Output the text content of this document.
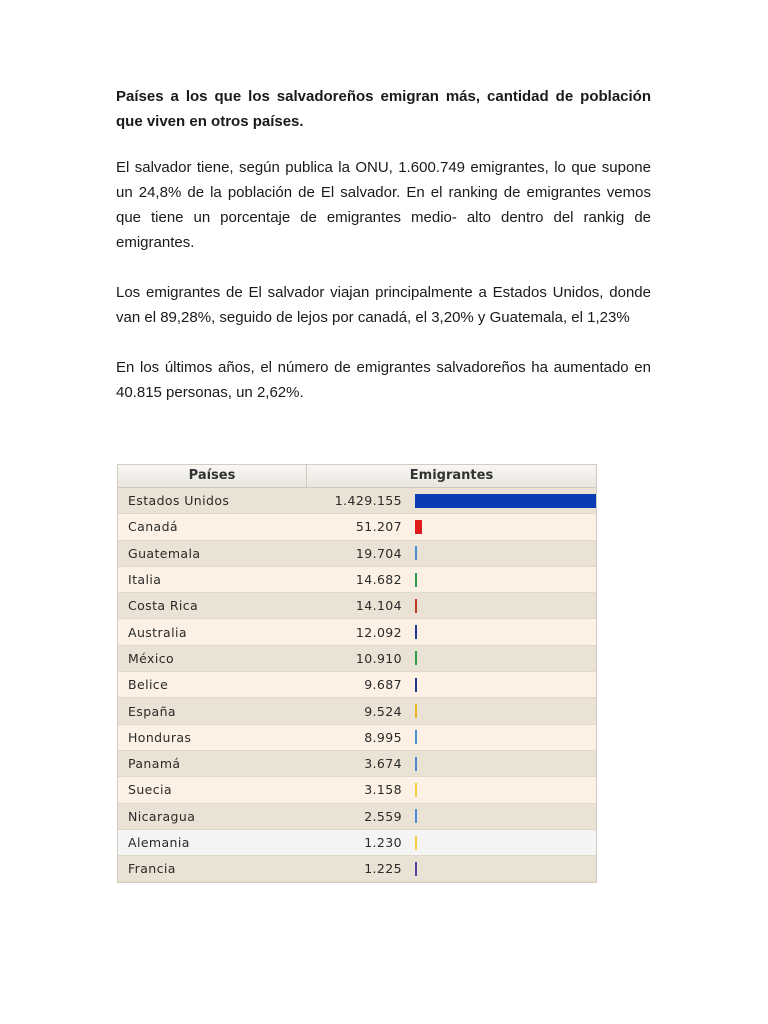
Países a los que los salvadoreños emigran más, cantidad de población que viven en otros países.

El salvador tiene, según publica la ONU, 1.600.749 emigrantes, lo que supone un 24,8% de la población de El salvador. En el ranking de emigrantes vemos que tiene un porcentaje de emigrantes medio- alto dentro del rankig de emigrantes.

Los emigrantes de El salvador viajan principalmente a Estados Unidos, donde van el 89,28%, seguido de lejos por canadá, el 3,20% y Guatemala, el 1,23%

En los últimos años, el número de emigrantes salvadoreños ha aumentado en 40.815 personas, un 2,62%.

Países	Emigrantes
Estados Unidos	1.429.155
Canadá	51.207
Guatemala	19.704
Italia	14.682
Costa Rica	14.104
Australia	12.092
México	10.910
Belice	9.687
España	9.524
Honduras	8.995
Panamá	3.674
Suecia	3.158
Nicaragua	2.559
Alemania	1.230
Francia	1.225
